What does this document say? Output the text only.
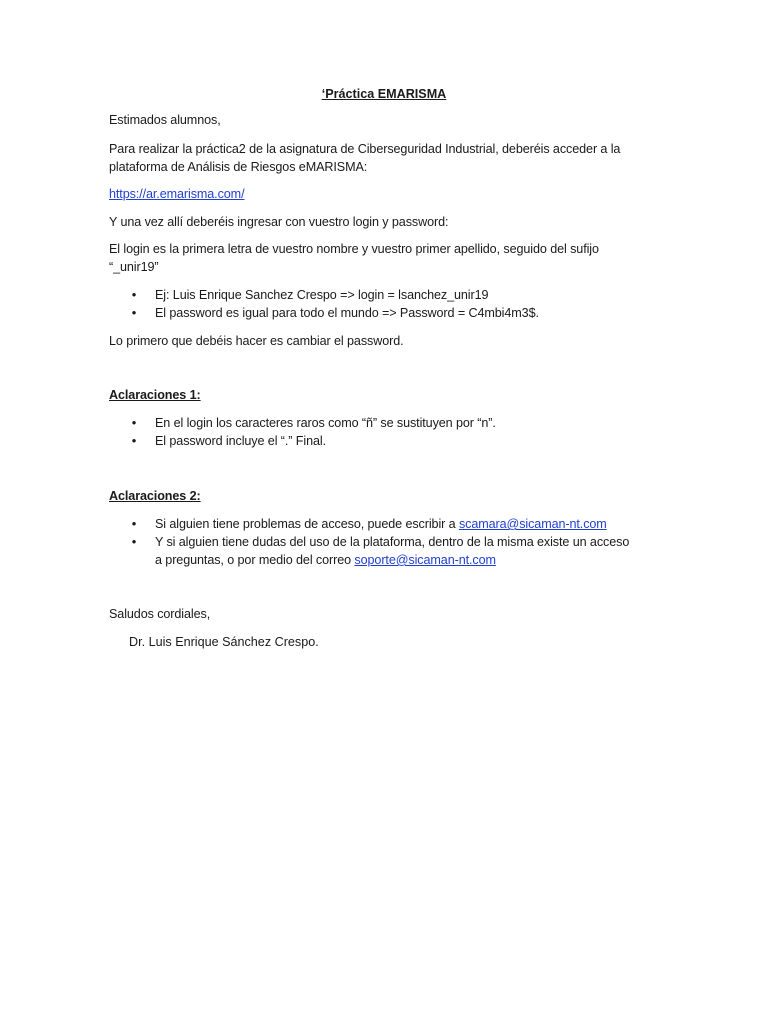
‘Práctica EMARISMA
Estimados alumnos,
Para realizar la práctica2 de la asignatura de Ciberseguridad Industrial, deberéis acceder a la
plataforma de Análisis de Riesgos eMARISMA:
https://ar.emarisma.com/
Y una vez allí deberéis ingresar con vuestro login y password:
El login es la primera letra de vuestro nombre y vuestro primer apellido, seguido del sufijo
“_unir19”
• Ej: Luis Enrique Sanchez Crespo => login = lsanchez_unir19
• El password es igual para todo el mundo => Password = C4mbi4m3$.
Lo primero que debéis hacer es cambiar el password.
Aclaraciones 1:
• En el login los caracteres raros como “ñ” se sustituyen por “n”.
• El password incluye el “.” Final.
Aclaraciones 2:
• Si alguien tiene problemas de acceso, puede escribir a scamara@sicaman-nt.com
• Y si alguien tiene dudas del uso de la plataforma, dentro de la misma existe un acceso
a preguntas, o por medio del correo soporte@sicaman-nt.com
Saludos cordiales,
Dr. Luis Enrique Sánchez Crespo.
